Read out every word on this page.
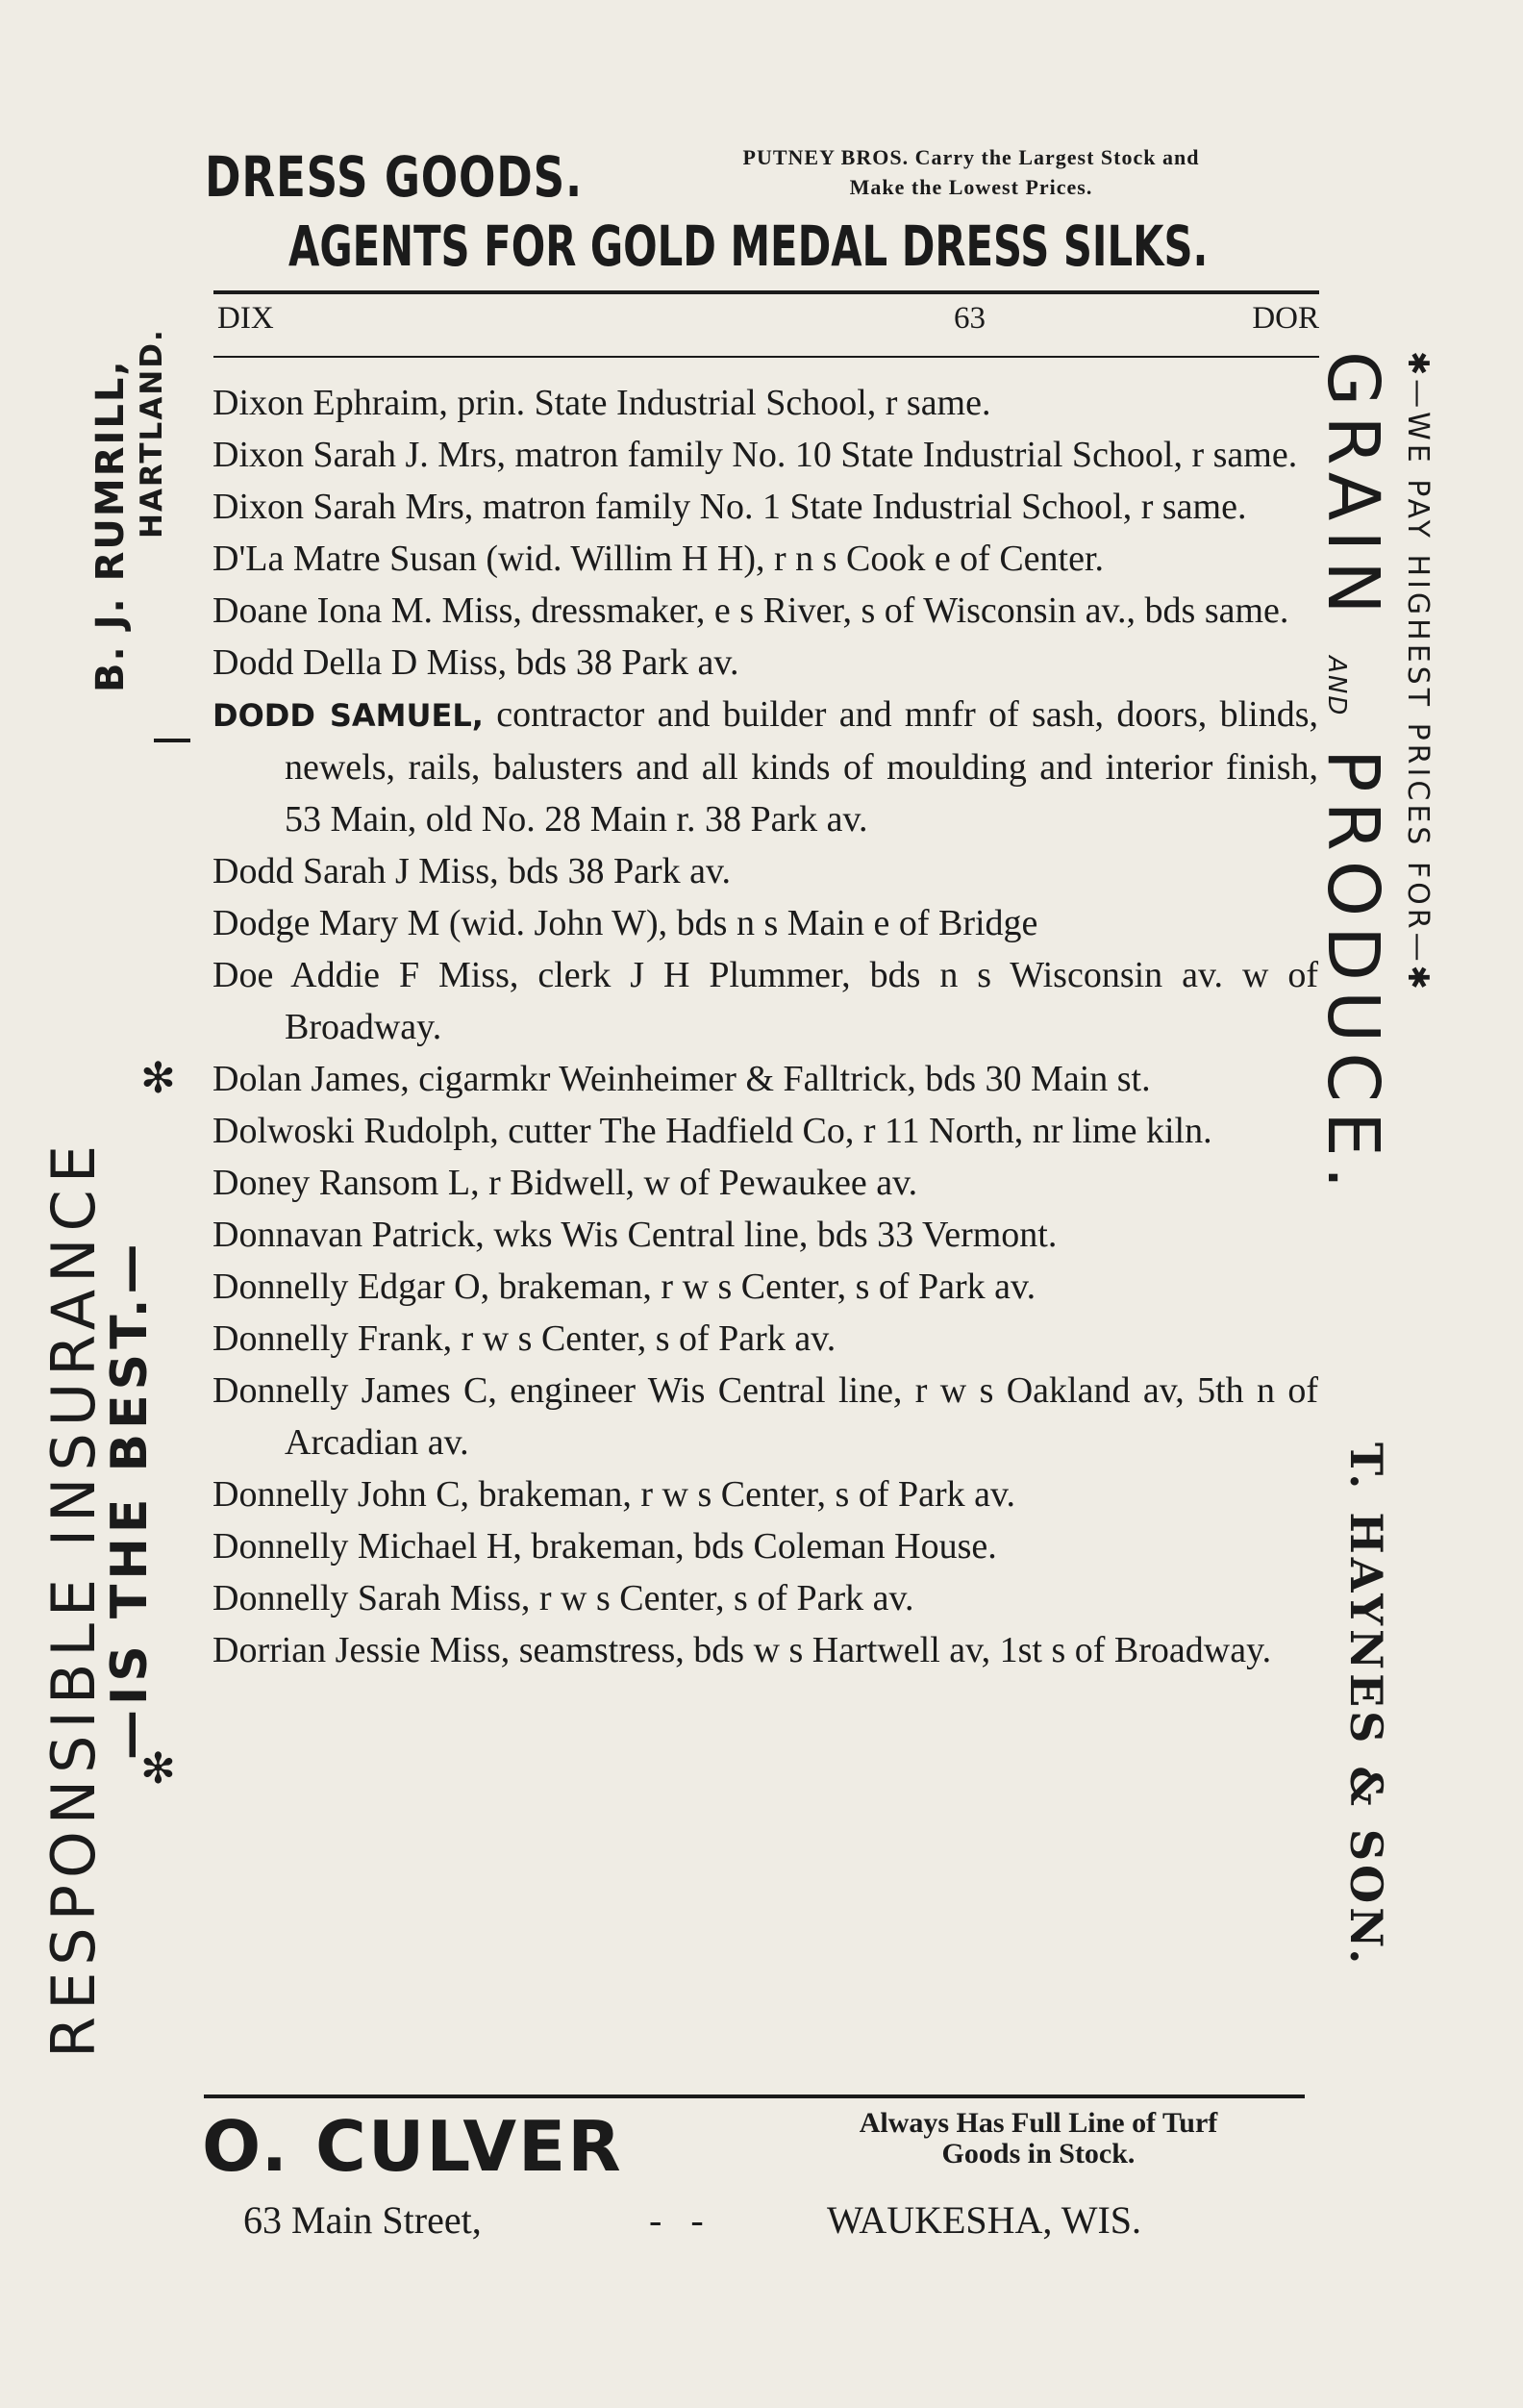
DRESS GOODS.	PUTNEY BROS. Carry the Largest Stock and
Make the Lowest Prices.
AGENTS FOR GOLD MEDAL DRESS SILKS.
DIX	63	DOR
Dixon Ephraim, prin. State Industrial School, r same.
Dixon Sarah J. Mrs, matron family No. 10 State Industrial School, r same.
Dixon Sarah Mrs, matron family No. 1 State Industrial School, r same.
D'La Matre Susan (wid. Willim H H), r n s Cook e of Center.
Doane Iona M. Miss, dressmaker, e s River, s of Wisconsin av., bds same.
Dodd Della D Miss, bds 38 Park av.
DODD SAMUEL, contractor and builder and mnfr of sash, doors, blinds, newels, rails, balusters and all kinds of moulding and interior finish, 53 Main, old No. 28 Main r. 38 Park av.
Dodd Sarah J Miss, bds 38 Park av.
Dodge Mary M (wid. John W), bds n s Main e of Bridge
Doe Addie F Miss, clerk J H Plummer, bds n s Wisconsin av. w of Broadway.
Dolan James, cigarmkr Weinheimer & Falltrick, bds 30 Main st.
Dolwoski Rudolph, cutter The Hadfield Co, r 11 North, nr lime kiln.
Doney Ransom L, r Bidwell, w of Pewaukee av.
Donnavan Patrick, wks Wis Central line, bds 33 Vermont.
Donnelly Edgar O, brakeman, r w s Center, s of Park av.
Donnelly Frank, r w s Center, s of Park av.
Donnelly James C, engineer Wis Central line, r w s Oakland av, 5th n of Arcadian av.
Donnelly John C, brakeman, r w s Center, s of Park av.
Donnelly Michael H, brakeman, bds Coleman House.
Donnelly Sarah Miss, r w s Center, s of Park av.
Dorrian Jessie Miss, seamstress, bds w s Hartwell av, 1st s of Broadway.
RESPONSIBLE INSURANCE
—IS THE BEST.—
B. J. RUMRILL, HARTLAND.
✻
✻
✱—WE PAY HIGHEST PRICES FOR—✱
GRAIN AND PRODUCE.
T. HAYNES & SON.
O. CULVER	Always Has Full Line of Turf
Goods in Stock.
63 Main Street,	- -	WAUKESHA, WIS.
